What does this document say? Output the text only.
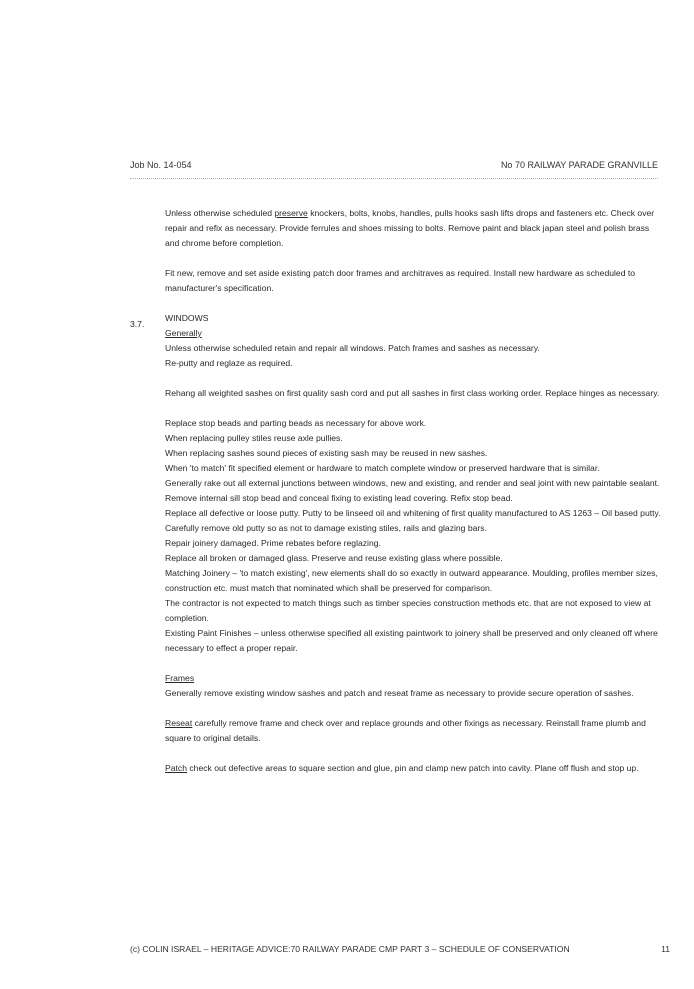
Job No. 14-054	No 70 RAILWAY PARADE GRANVILLE
3.7.

Unless otherwise scheduled preserve knockers, bolts, knobs, handles, pulls hooks sash lifts drops and fasteners etc. Check over repair and refix as necessary. Provide ferrules and shoes missing to bolts. Remove paint and black japan steel and polish brass and chrome before completion.

Fit new, remove and set aside existing patch door frames and architraves as required. Install new hardware as scheduled to manufacturer's specification.

WINDOWS

Generally

Unless otherwise scheduled retain and repair all windows. Patch frames and sashes as necessary.

Re-putty and reglaze as required.

Rehang all weighted sashes on first quality sash cord and put all sashes in first class working order. Replace hinges as necessary.

Replace stop beads and parting beads as necessary for above work.

When replacing pulley stiles reuse axle pullies.

When replacing sashes sound pieces of existing sash may be reused in new sashes.

When 'to match' fit specified element or hardware to match complete window or preserved hardware that is similar.

Generally rake out all external junctions between windows, new and existing, and render and seal joint with new paintable sealant.

Remove internal sill stop bead and conceal fixing to existing lead covering. Refix stop bead.

Replace all defective or loose putty. Putty to be linseed oil and whitening of first quality manufactured to AS 1263 – Oil based putty. Carefully remove old putty so as not to damage existing stiles, rails and glazing bars.

Repair joinery damaged. Prime rebates before reglazing.

Replace all broken or damaged glass. Preserve and reuse existing glass where possible.

Matching Joinery – 'to match existing', new elements shall do so exactly in outward appearance. Moulding, profiles member sizes, construction etc. must match that nominated which shall be preserved for comparison.

The contractor is not expected to match things such as timber species construction methods etc. that are not exposed to view at completion.

Existing Paint Finishes – unless otherwise specified all existing paintwork to joinery shall be preserved and only cleaned off where necessary to effect a proper repair.

Frames

Generally remove existing window sashes and patch and reseat frame as necessary to provide secure operation of sashes.

Reseat carefully remove frame and check over and replace grounds and other fixings as necessary. Reinstall frame plumb and square to original details.

Patch check out defective areas to square section and glue, pin and clamp new patch into cavity. Plane off flush and stop up.

(c) COLIN ISRAEL – HERITAGE ADVICE:70 RAILWAY PARADE CMP PART 3 – SCHEDULE OF CONSERVATION	11
